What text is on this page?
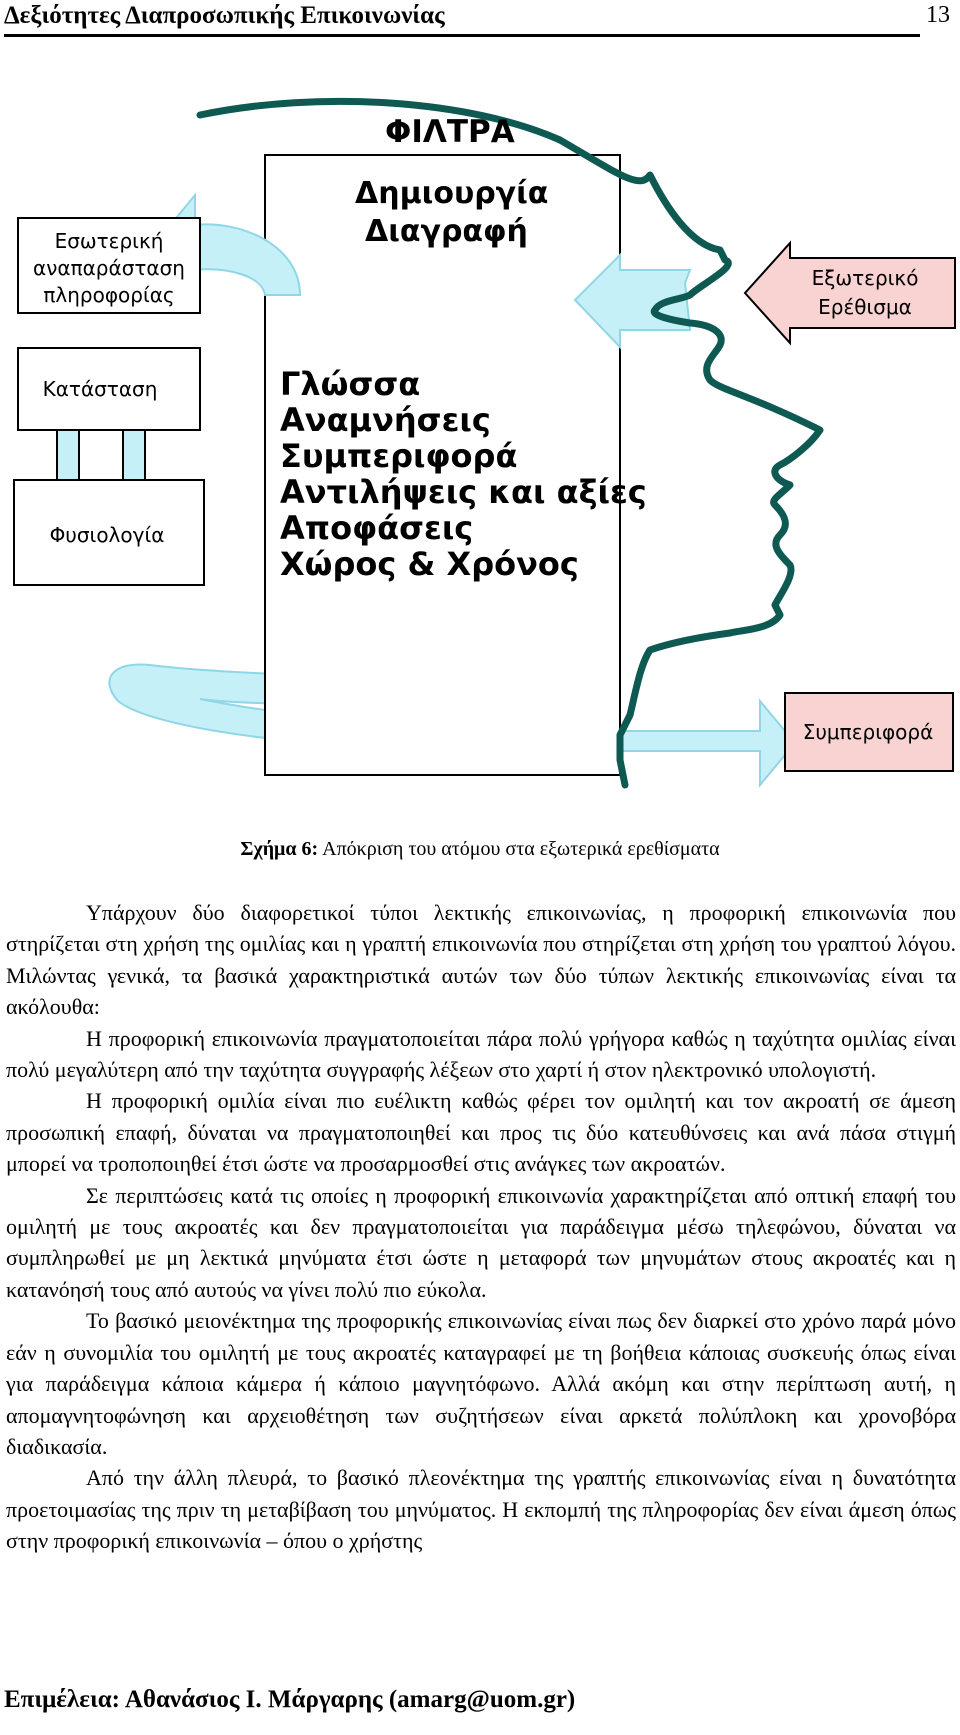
Δεξιότητες Διαπροσωπικής Επικοινωνίας	13
ΦΙΛΤΡΑ
Δημιουργία
Διαγραφή
Γλώσσα
Αναμνήσεις
Συμπεριφορά
Αντιλήψεις και αξίες
Αποφάσεις
Χώρος & Χρόνος
Εσωτερική
αναπαράσταση
πληροφορίας
Κατάσταση
Φυσιολογία
Εξωτερικό
Ερέθισμα
Συμπεριφορά
Σχήμα 6: Απόκριση του ατόμου στα εξωτερικά ερεθίσματα

Υπάρχουν δύο διαφορετικοί τύποι λεκτικής επικοινωνίας, η προφορική επικοινωνία που στηρίζεται στη χρήση της ομιλίας και η γραπτή επικοινωνία που στηρίζεται στη χρήση του γραπτού λόγου. Μιλώντας γενικά, τα βασικά χαρακτηριστικά αυτών των δύο τύπων λεκτικής επικοινωνίας είναι τα ακόλουθα:

Η προφορική επικοινωνία πραγματοποιείται πάρα πολύ γρήγορα καθώς η ταχύτητα ομιλίας είναι πολύ μεγαλύτερη από την ταχύτητα συγγραφής λέξεων στο χαρτί ή στον ηλεκτρονικό υπολογιστή.

Η προφορική ομιλία είναι πιο ευέλικτη καθώς φέρει τον ομιλητή και τον ακροατή σε άμεση προσωπική επαφή, δύναται να πραγματοποιηθεί και προς τις δύο κατευθύνσεις και ανά πάσα στιγμή μπορεί να τροποποιηθεί έτσι ώστε να προσαρμοσθεί στις ανάγκες των ακροατών.

Σε περιπτώσεις κατά τις οποίες η προφορική επικοινωνία χαρακτηρίζεται από οπτική επαφή του ομιλητή με τους ακροατές και δεν πραγματοποιείται για παράδειγμα μέσω τηλεφώνου, δύναται να συμπληρωθεί με μη λεκτικά μηνύματα έτσι ώστε η μεταφορά των μηνυμάτων στους ακροατές και η κατανόησή τους από αυτούς να γίνει πολύ πιο εύκολα.

Το βασικό μειονέκτημα της προφορικής επικοινωνίας είναι πως δεν διαρκεί στο χρόνο παρά μόνο εάν η συνομιλία του ομιλητή με τους ακροατές καταγραφεί με τη βοήθεια κάποιας συσκευής όπως είναι για παράδειγμα κάποια κάμερα ή κάποιο μαγνητόφωνο. Αλλά ακόμη και στην περίπτωση αυτή, η απομαγνητοφώνηση και αρχειοθέτηση των συζητήσεων είναι αρκετά πολύπλοκη και χρονοβόρα διαδικασία.

Από την άλλη πλευρά, το βασικό πλεονέκτημα της γραπτής επικοινωνίας είναι η δυνατότητα προετοιμασίας της πριν τη μεταβίβαση του μηνύματος. Η εκπομπή της πληροφορίας δεν είναι άμεση όπως στην προφορική επικοινωνία – όπου ο χρήστης

Επιμέλεια: Αθανάσιος Ι. Μάργαρης (amarg@uom.gr)
